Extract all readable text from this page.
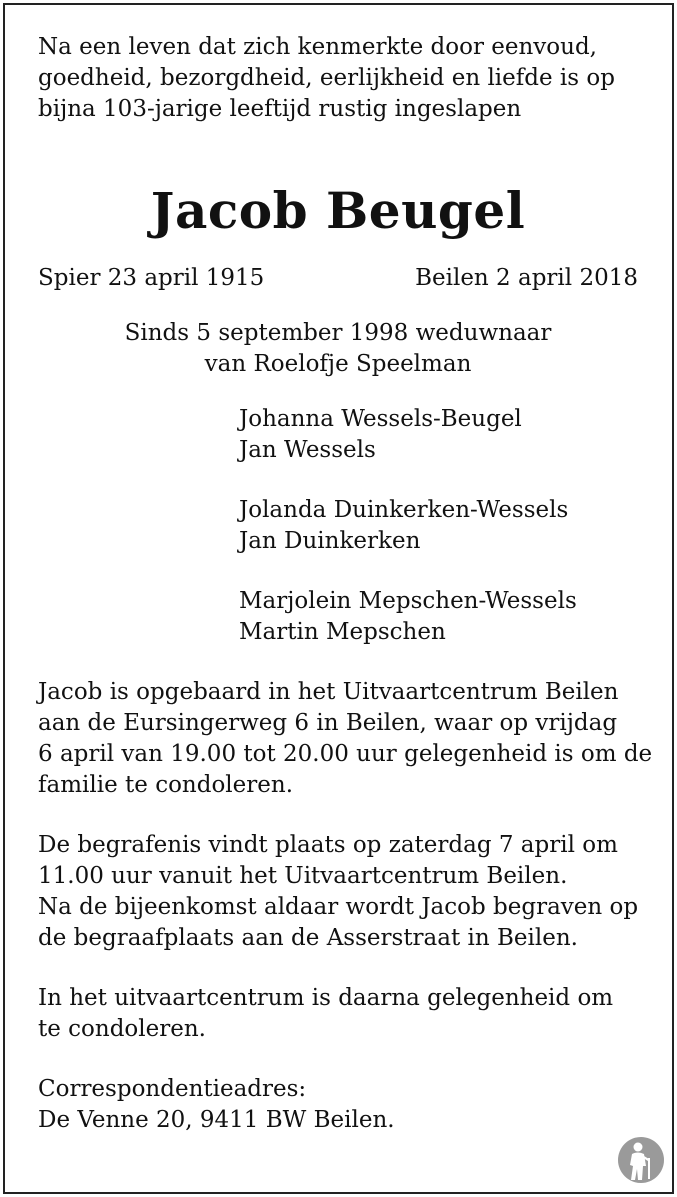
Na een leven dat zich kenmerkte door eenvoud,
goedheid, bezorgdheid, eerlijkheid en liefde is op
bijna 103-jarige leeftijd rustig ingeslapen

Jacob Beugel
Spier 23 april 1915	Beilen 2 april 2018
Sinds 5 september 1998 weduwnaar
van Roelofje Speelman
Johanna Wessels-Beugel
Jan Wessels
Jolanda Duinkerken-Wessels
Jan Duinkerken
Marjolein Mepschen-Wessels
Martin Mepschen
Jacob is opgebaard in het Uitvaartcentrum Beilen
aan de Eursingerweg 6 in Beilen, waar op vrijdag
6 april van 19.00 tot 20.00 uur gelegenheid is om de
familie te condoleren.
De begrafenis vindt plaats op zaterdag 7 april om
11.00 uur vanuit het Uitvaartcentrum Beilen.
Na de bijeenkomst aldaar wordt Jacob begraven op
de begraafplaats aan de Asserstraat in Beilen.
In het uitvaartcentrum is daarna gelegenheid om
te condoleren.
Correspondentieadres:
De Venne 20, 9411 BW Beilen.
